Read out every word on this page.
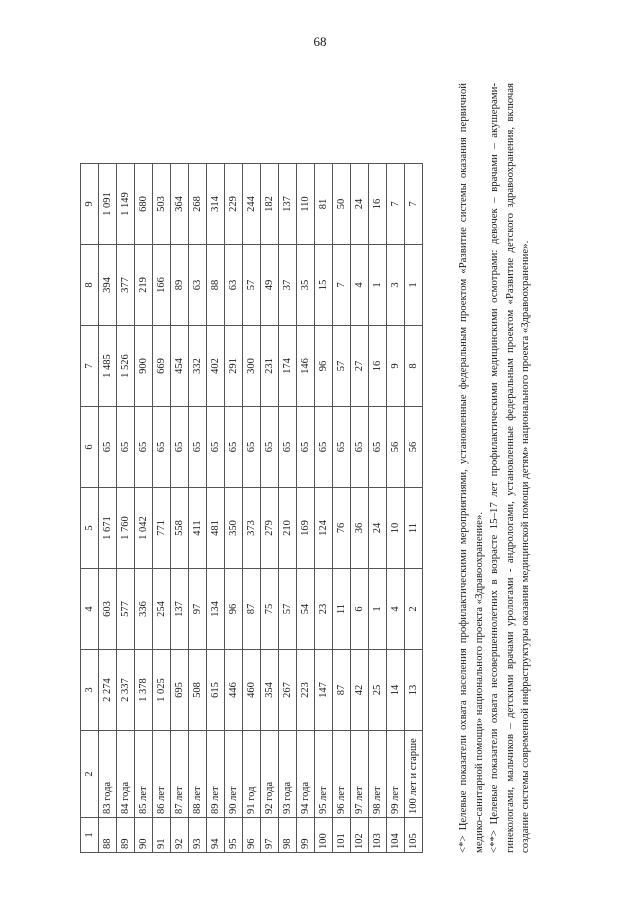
68
1	2	3	4	5	6	7	8	9
88	83 года	2 274	603	1 671	65	1 485	394	1 091
89	84 года	2 337	577	1 760	65	1 526	377	1 149
90	85 лет	1 378	336	1 042	65	900	219	680
91	86 лет	1 025	254	771	65	669	166	503
92	87 лет	695	137	558	65	454	89	364
93	88 лет	508	97	411	65	332	63	268
94	89 лет	615	134	481	65	402	88	314
95	90 лет	446	96	350	65	291	63	229
96	91 год	460	87	373	65	300	57	244
97	92 года	354	75	279	65	231	49	182
98	93 года	267	57	210	65	174	37	137
99	94 года	223	54	169	65	146	35	110
100	95 лет	147	23	124	65	96	15	81
101	96 лет	87	11	76	65	57	7	50
102	97 лет	42	6	36	65	27	4	24
103	98 лет	25	1	24	65	16	1	16
104	99 лет	14	4	10	56	9	3	7
105	100 лет и старше	13	2	11	56	8	1	7	<*> Целевые показатели охвата населения профилактическими мероприятиями, установленные федеральным проектом «Развитие системы оказания первичной медико-санитарной помощи» национального проекта «Здравоохранение». <**> Целевые показатели охвата несовершеннолетних в возрасте 15–17 лет профилактическими медицинскими осмотрами: девочек – врачами – акушерами-гинекологами, мальчиков – детскими врачами урологами - андрологами, установленные федеральным проектом «Развитие детского здравоохранения, включая создание системы современной инфраструктуры оказания медицинской помощи детям» национального проекта «Здравоохранение».
